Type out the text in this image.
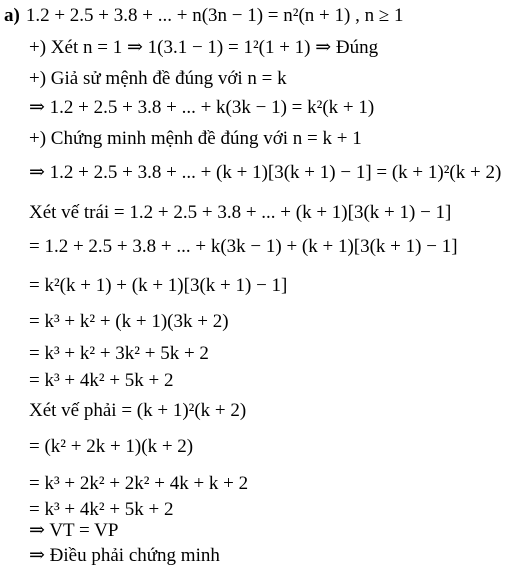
a) 1.2 + 2.5 + 3.8 + ... + n(3n − 1) = n²(n + 1) , n ≥ 1
+) Xét n = 1 ⇒ 1(3.1 − 1) = 1²(1 + 1) ⇒ Đúng
+) Giả sử mệnh đề đúng với n = k
⇒ 1.2 + 2.5 + 3.8 + ... + k(3k − 1) = k²(k + 1)
+) Chứng minh mệnh đề đúng với n = k + 1
⇒ 1.2 + 2.5 + 3.8 + ... + (k + 1)[3(k + 1) − 1] = (k + 1)²(k + 2)
Xét vế trái = 1.2 + 2.5 + 3.8 + ... + (k + 1)[3(k + 1) − 1]
= 1.2 + 2.5 + 3.8 + ... + k(3k − 1) + (k + 1)[3(k + 1) − 1]
= k²(k + 1) + (k + 1)[3(k + 1) − 1]
= k³ + k² + (k + 1)(3k + 2)
= k³ + k² + 3k² + 5k + 2
= k³ + 4k² + 5k + 2
Xét vế phải = (k + 1)²(k + 2)
= (k² + 2k + 1)(k + 2)
= k³ + 2k² + 2k² + 4k + k + 2
= k³ + 4k² + 5k + 2
⇒ VT = VP
⇒ Điều phải chứng minh
